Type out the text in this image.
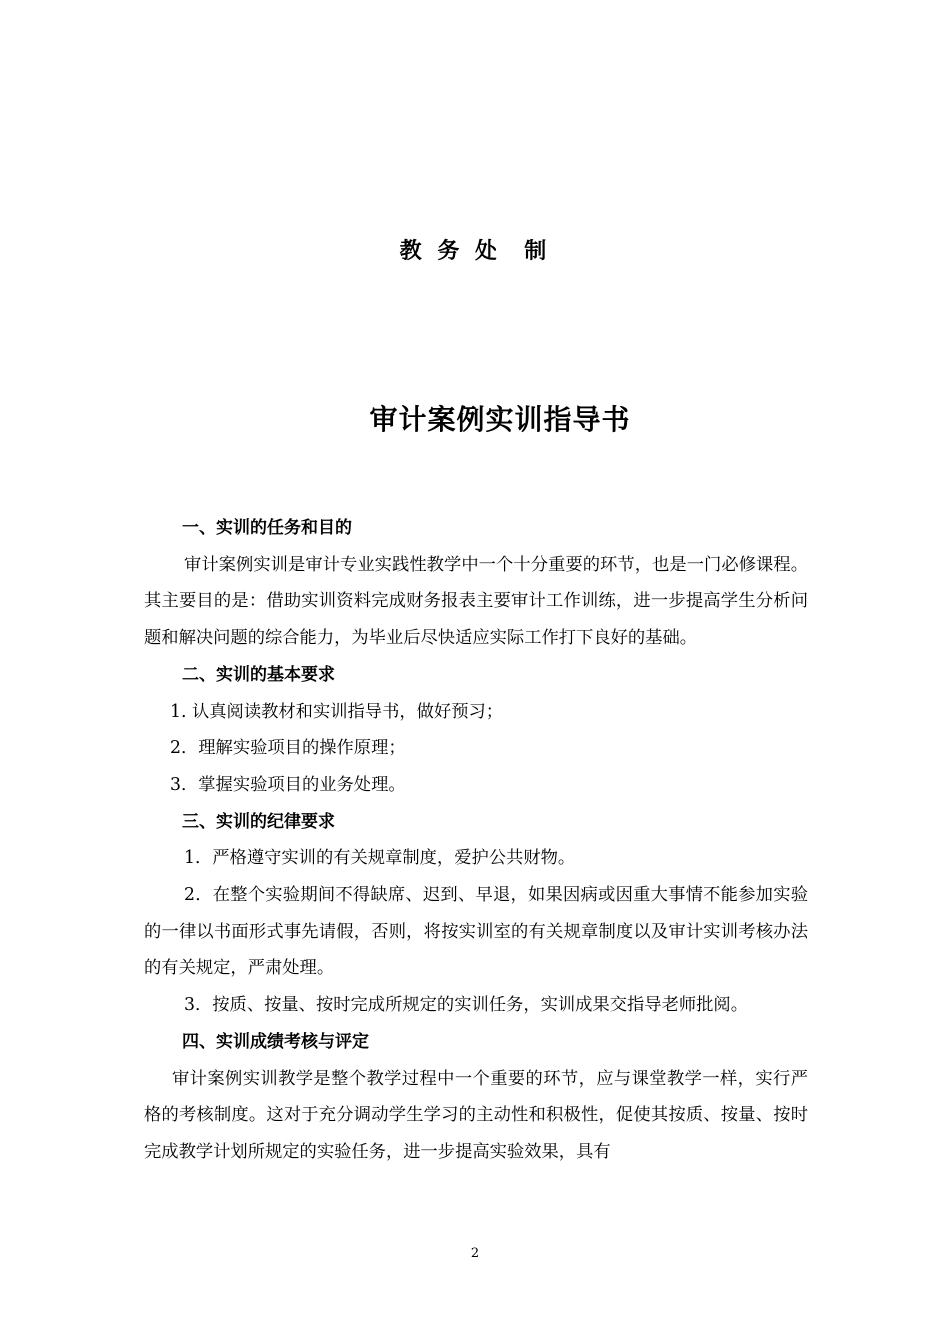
教 务 处  制
审计案例实训指导书

一、实训的任务和目的

审计案例实训是审计专业实践性教学中一个十分重要的环节，也是一门必修课程。其主要目的是：借助实训资料完成财务报表主要审计工作训练，进一步提高学生分析问题和解决问题的综合能力，为毕业后尽快适应实际工作打下良好的基础。

二、实训的基本要求

1. 认真阅读教材和实训指导书，做好预习；

2．理解实验项目的操作原理；

3．掌握实验项目的业务处理。

三、实训的纪律要求

1．严格遵守实训的有关规章制度，爱护公共财物。

2．在整个实验期间不得缺席、迟到、早退，如果因病或因重大事情不能参加实验的一律以书面形式事先请假，否则，将按实训室的有关规章制度以及审计实训考核办法的有关规定，严肃处理。

3．按质、按量、按时完成所规定的实训任务，实训成果交指导老师批阅。

四、实训成绩考核与评定

审计案例实训教学是整个教学过程中一个重要的环节，应与课堂教学一样，实行严格的考核制度。这对于充分调动学生学习的主动性和积极性，促使其按质、按量、按时完成教学计划所规定的实验任务，进一步提高实验效果，具有

2
